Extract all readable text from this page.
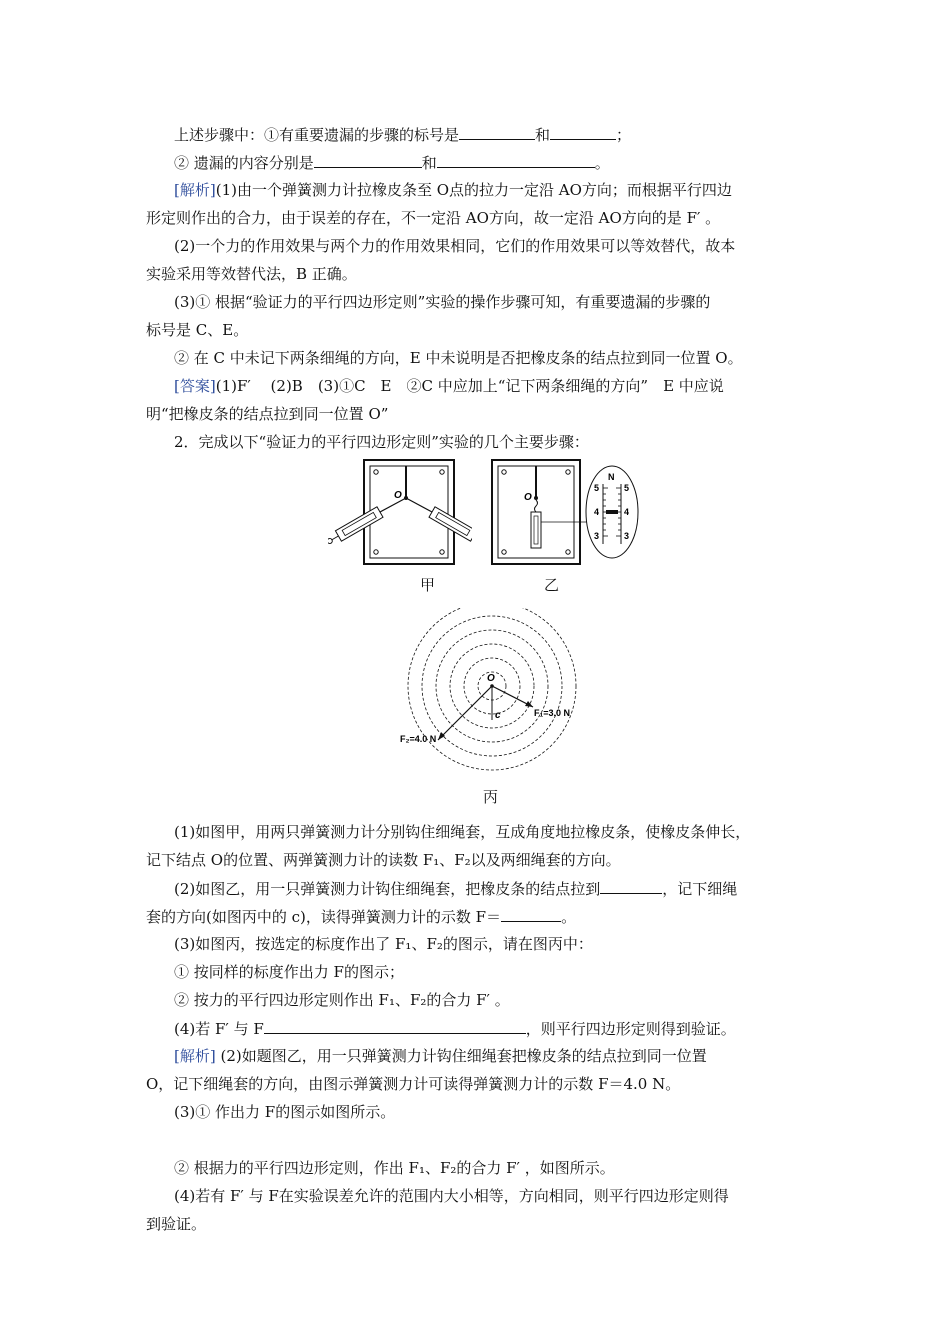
上述步骤中：①有重要遗漏的步骤的标号是	和	；
② 遗漏的内容分别是	和	。
[解析](1)由一个弹簧测力计拉橡皮条至 O点的拉力一定沿 AO方向；而根据平行四边
形定则作出的合力，由于误差的存在，不一定沿 AO方向，故一定沿 AO方向的是 F′ 。
(2)一个力的作用效果与两个力的作用效果相同，它们的作用效果可以等效替代，故本
实验采用等效替代法，B 正确。
(3)① 根据“验证力的平行四边形定则”实验的操作步骤可知，有重要遗漏的步骤的
标号是 C、E。
② 在 C 中未记下两条细绳的方向，E 中未说明是否把橡皮条的结点拉到同一位置 O。
[答案](1)F′　 (2)B　(3)①C　E　②C 中应加上“记下两条细绳的方向”　E 中应说
明“把橡皮条的结点拉到同一位置 O”
2．完成以下“验证力的平行四边形定则”实验的几个主要步骤：
O
甲
O
N
5
4
3
5
4
3
乙
O
c	F₁=3.0 N
F₂=4.0 N
丙
(1)如图甲，用两只弹簧测力计分别钩住细绳套，互成角度地拉橡皮条，使橡皮条伸长，
记下结点 O的位置、两弹簧测力计的读数 F₁、F₂以及两细绳套的方向。
(2)如图乙，用一只弹簧测力计钩住细绳套，把橡皮条的结点拉到	，记下细绳
套的方向(如图丙中的 c)，读得弹簧测力计的示数 F＝	。
(3)如图丙，按选定的标度作出了 F₁、F₂的图示，请在图丙中：
① 按同样的标度作出力 F的图示；
② 按力的平行四边形定则作出 F₁、F₂的合力 F′ 。
(4)若 F′ 与 F	，则平行四边形定则得到验证。
[解析] (2)如题图乙，用一只弹簧测力计钩住细绳套把橡皮条的结点拉到同一位置
O，记下细绳套的方向，由图示弹簧测力计可读得弹簧测力计的示数 F＝4.0 N。
(3)① 作出力 F的图示如图所示。
② 根据力的平行四边形定则，作出 F₁、F₂的合力 F′ ，如图所示。
(4)若有 F′ 与 F在实验误差允许的范围内大小相等，方向相同，则平行四边形定则得
到验证。
